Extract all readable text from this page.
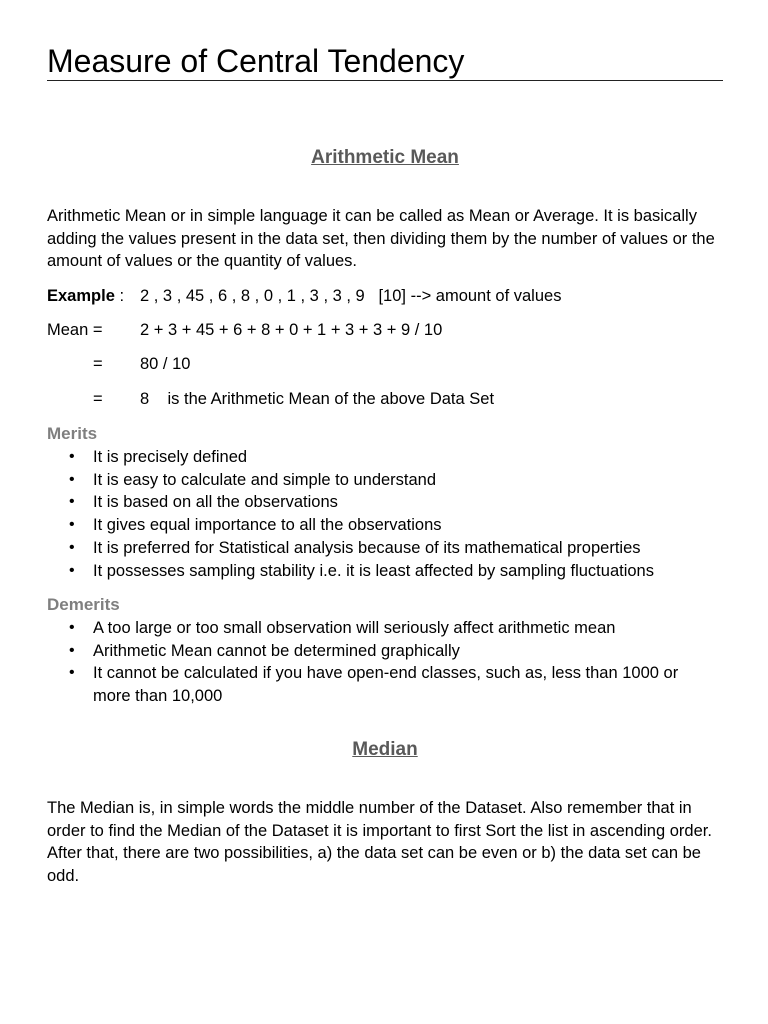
Measure of Central Tendency
Arithmetic Mean

Arithmetic Mean or in simple language it can be called as Mean or Average. It is basically adding the values present in the data set, then dividing them by the number of values or the amount of values or the quantity of values.

Example : 2 , 3 , 45 , 6 , 8 , 0 , 1 , 3 , 3 , 9   [10] --> amount of values
Mean = 2 + 3 + 45 + 6 + 8 + 0 + 1 + 3 + 3 + 9 / 10
= 80 / 10
= 8    is the Arithmetic Mean of the above Data Set
Merits
• It is precisely defined
• It is easy to calculate and simple to understand
• It is based on all the observations
• It gives equal importance to all the observations
• It is preferred for Statistical analysis because of its mathematical properties
• It possesses sampling stability i.e. it is least affected by sampling fluctuations
Demerits
• A too large or too small observation will seriously affect arithmetic mean
• Arithmetic Mean cannot be determined graphically
• It cannot be calculated if you have open-end classes, such as, less than 1000 or more than 10,000
Median

The Median is, in simple words the middle number of the Dataset. Also remember that in order to find the Median of the Dataset it is important to first Sort the list in ascending order. After that, there are two possibilities, a) the data set can be even or b) the data set can be odd.
